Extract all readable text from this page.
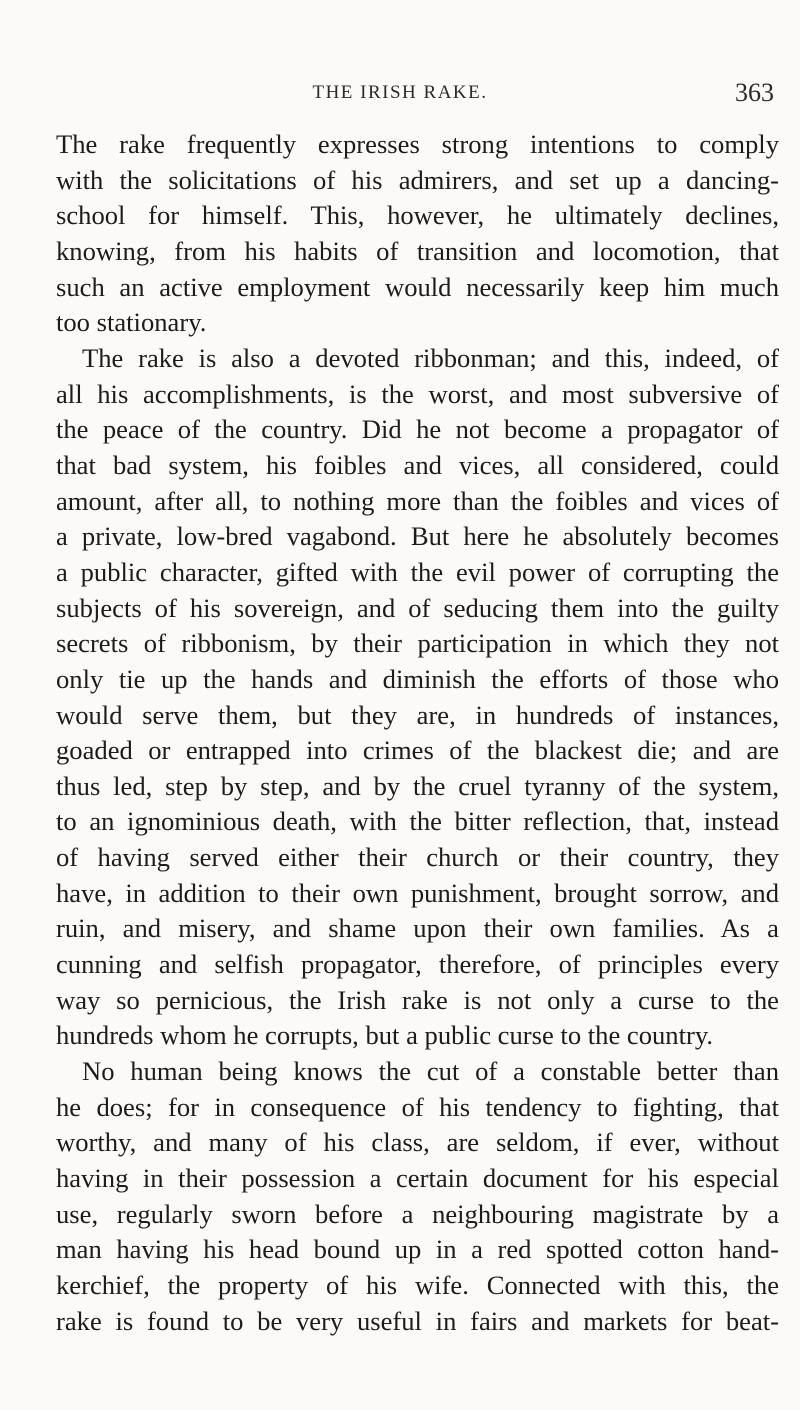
THE IRISH RAKE.	363

The rake frequently expresses strong intentions to comply

with the solicitations of his admirers, and set up a dancing-

school for himself. This, however, he ultimately declines,

knowing, from his habits of transition and locomotion, that

such an active employment would necessarily keep him much

too stationary.

The rake is also a devoted ribbonman; and this, indeed, of

all his accomplishments, is the worst, and most subversive of

the peace of the country. Did he not become a propagator of

that bad system, his foibles and vices, all considered, could

amount, after all, to nothing more than the foibles and vices of

a private, low-bred vagabond. But here he absolutely becomes

a public character, gifted with the evil power of corrupting the

subjects of his sovereign, and of seducing them into the guilty

secrets of ribbonism, by their participation in which they not

only tie up the hands and diminish the efforts of those who

would serve them, but they are, in hundreds of instances,

goaded or entrapped into crimes of the blackest die; and are

thus led, step by step, and by the cruel tyranny of the system,

to an ignominious death, with the bitter reflection, that, instead

of having served either their church or their country, they

have, in addition to their own punishment, brought sorrow, and

ruin, and misery, and shame upon their own families. As a

cunning and selfish propagator, therefore, of principles every

way so pernicious, the Irish rake is not only a curse to the

hundreds whom he corrupts, but a public curse to the country.

No human being knows the cut of a constable better than

he does; for in consequence of his tendency to fighting, that

worthy, and many of his class, are seldom, if ever, without

having in their possession a certain document for his especial

use, regularly sworn before a neighbouring magistrate by a

man having his head bound up in a red spotted cotton hand-

kerchief, the property of his wife. Connected with this, the

rake is found to be very useful in fairs and markets for beat-
